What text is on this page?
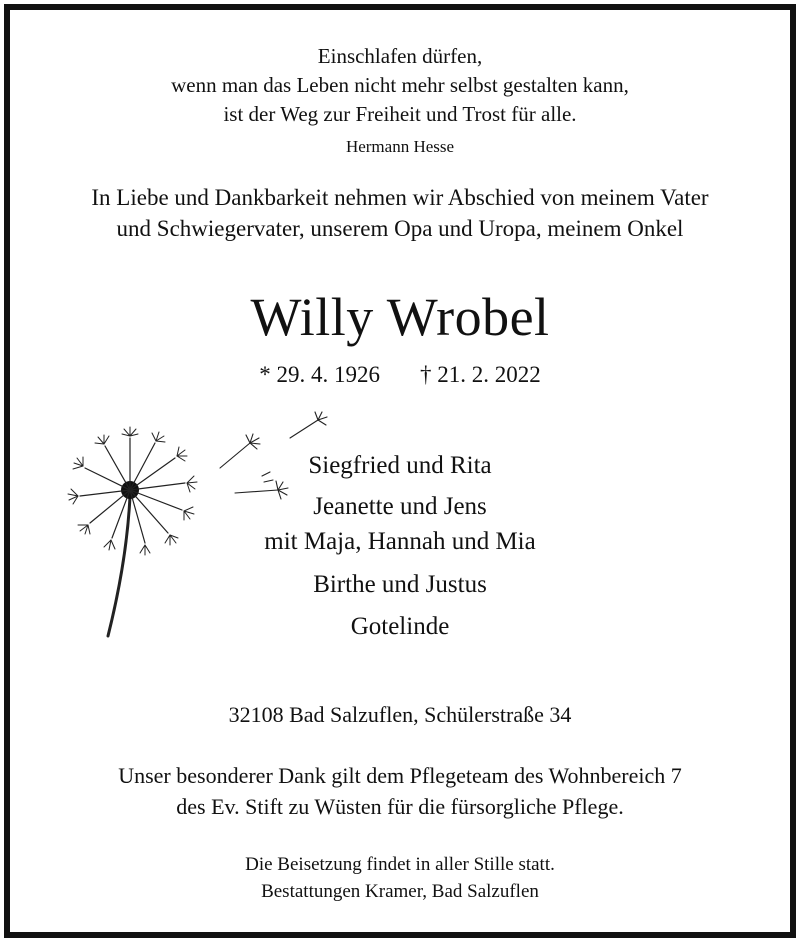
Einschlafen dürfen,
wenn man das Leben nicht mehr selbst gestalten kann,
ist der Weg zur Freiheit und Trost für alle.
Hermann Hesse
In Liebe und Dankbarkeit nehmen wir Abschied von meinem Vater
und Schwiegervater, unserem Opa und Uropa, meinem Onkel
Willy Wrobel
* 29. 4. 1926 † 21. 2. 2022
Siegfried und Rita
Jeanette und Jens
mit Maja, Hannah und Mia
Birthe und Justus
Gotelinde
32108 Bad Salzuflen, Schülerstraße 34
Unser besonderer Dank gilt dem Pflegeteam des Wohnbereich 7
des Ev. Stift zu Wüsten für die fürsorgliche Pflege.
Die Beisetzung findet in aller Stille statt.
Bestattungen Kramer, Bad Salzuflen
